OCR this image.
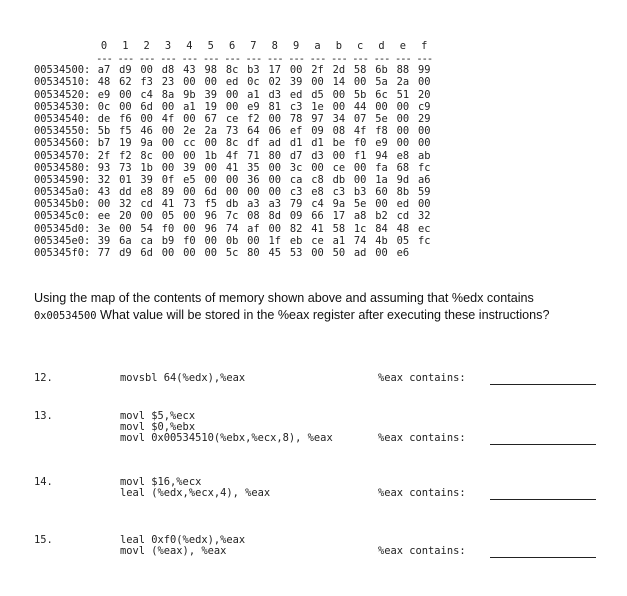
0	1	2	3	4	5	6	7	8	9	a	b	c	d	e	f
--- --- --- --- --- --- --- --- --- --- --- --- --- --- --- ---
00534500: a7 d9 00 d8 43 98 8c b3 17 00 2f 2d 58 6b 88 99
00534510: 48 62 f3 23 00 00 ed 0c 02 39 00 14 00 5a 2a 00
00534520: e9 00 c4 8a 9b 39 00 a1 d3 ed d5 00 5b 6c 51 20
00534530: 0c 00 6d 00 a1 19 00 e9 81 c3 1e 00 44 00 00 c9
00534540: de f6 00 4f 00 67 ce f2 00 78 97 34 07 5e 00 29
00534550: 5b f5 46 00 2e 2a 73 64 06 ef 09 08 4f f8 00 00
00534560: b7 19 9a 00 cc 00 8c df ad d1 d1 be f0 e9 00 00
00534570: 2f f2 8c 00 00 1b 4f 71 80 d7 d3 00 f1 94 e8 ab
00534580: 93 73 1b 00 39 00 41 35 00 3c 00 ce 00 fa 68 fc
00534590: 32 01 39 0f e5 00 00 36 00 ca c8 db 00 1a 9d a6
005345a0: 43 dd e8 89 00 6d 00 00 00 c3 e8 c3 b3 60 8b 59
005345b0: 00 32 cd 41 73 f5 db a3 a3 79 c4 9a 5e 00 ed 00
005345c0: ee 20 00 05 00 96 7c 08 8d 09 66 17 a8 b2 cd 32
005345d0: 3e 00 54 f0 00 96 74 af 00 82 41 58 1c 84 48 ec
005345e0: 39 6a ca b9 f0 00 0b 00 1f eb ce a1 74 4b 05 fc
005345f0: 77 d9 6d 00 00 00 5c 80 45 53 00 50 ad 00 e6
Using the map of the contents of memory shown above and assuming that %edx contains 0x00534500 What value will be stored in the %eax register after executing these instructions?
12.	movsbl 64(%edx),%eax	%eax contains:
13.	movl $5,%ecx
movl $0,%ebx
movl 0x00534510(%ebx,%ecx,8), %eax	%eax contains:
14.	movl $16,%ecx
leal (%edx,%ecx,4), %eax	%eax contains:
15.	leal 0xf0(%edx),%eax
movl (%eax), %eax	%eax contains:
